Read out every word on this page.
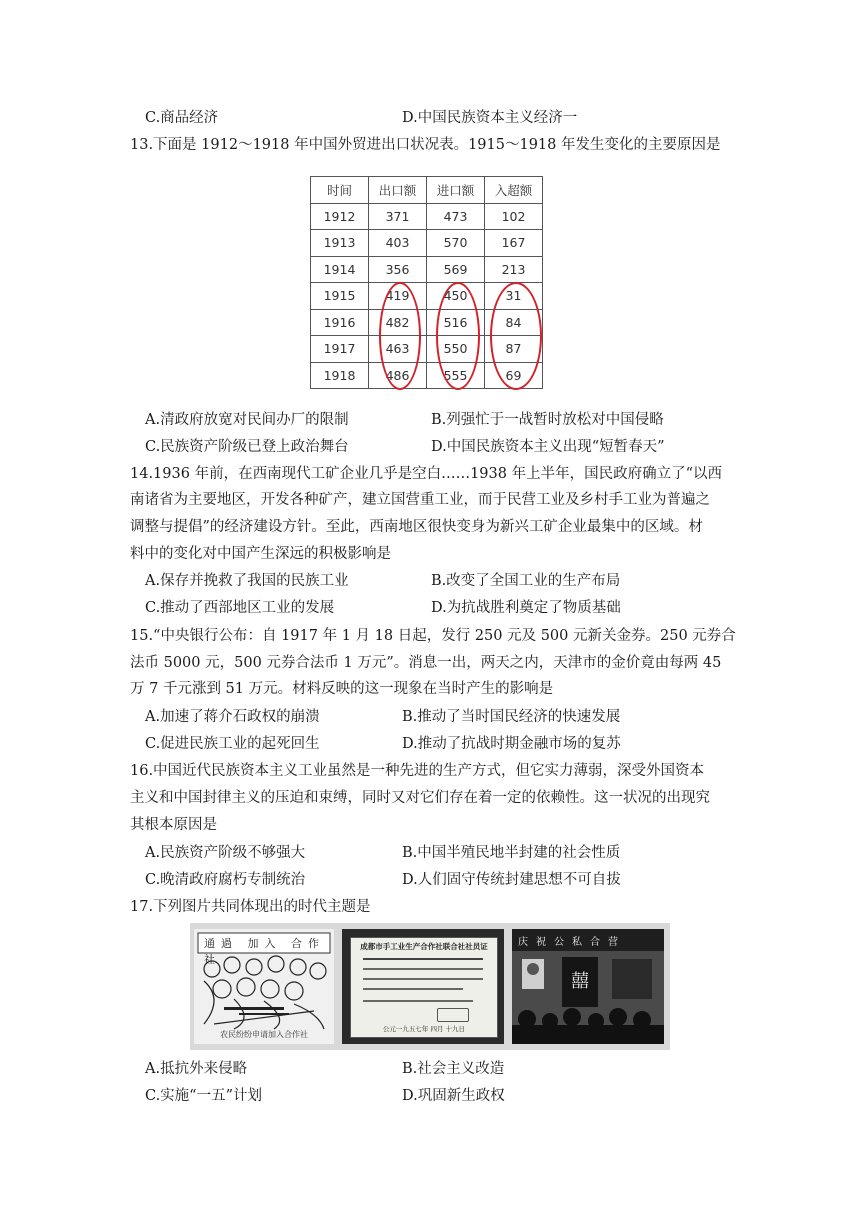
C.商品经济	D.中国民族资本主义经济一
13.下面是 1912～1918 年中国外贸进出口状况表。1915～1918 年发生变化的主要原因是
时间	出口额	进口额	入超额
1912	371	473	102
1913	403	570	167
1914	356	569	213
1915	419	450	31
1916	482	516	84
1917	463	550	87
1918	486	555	69
A.清政府放宽对民间办厂的限制	B.列强忙于一战暂时放松对中国侵略
C.民族资产阶级已登上政治舞台	D.中国民族资本主义出现“短暂春天”
14.1936 年前，在西南现代工矿企业几乎是空白……1938 年上半年，国民政府确立了“以西
南诸省为主要地区，开发各种矿产，建立国营重工业，而于民营工业及乡村手工业为普遍之
调整与提倡”的经济建设方针。至此，西南地区很快变身为新兴工矿企业最集中的区域。材
料中的变化对中国产生深远的积极影响是
A.保存并挽救了我国的民族工业	B.改变了全国工业的生产布局
C.推动了西部地区工业的发展	D.为抗战胜利奠定了物质基础
15.“中央银行公布：自 1917 年 1 月 18 日起，发行 250 元及 500 元新关金券。250 元券合
法币 5000 元，500 元券合法币 1 万元”。消息一出，两天之内，天津市的金价竟由每两 45
万 7 千元涨到 51 万元。材料反映的这一现象在当时产生的影响是
A.加速了蒋介石政权的崩溃	B.推动了当时国民经济的快速发展
C.促进民族工业的起死回生	D.推动了抗战时期金融市场的复苏
16.中国近代民族资本主义工业虽然是一种先进的生产方式，但它实力薄弱，深受外国资本
主义和中国封律主义的压迫和束缚，同时又对它们存在着一定的依赖性。这一状况的出现究
其根本原因是
A.民族资产阶级不够强大	B.中国半殖民地半封建的社会性质
C.晚清政府腐朽专制统治	D.人们固守传统封建思想不可自拔
17.下列图片共同体现出的时代主题是
通過 加入 合作社
农民纷纷申请加入合作社
成都市手工业生产合作社联合社社员证
公元一九五七年 四月 十九日
囍
庆祝公私合营
A.抵抗外来侵略	B.社会主义改造
C.实施“一五”计划	D.巩固新生政权
